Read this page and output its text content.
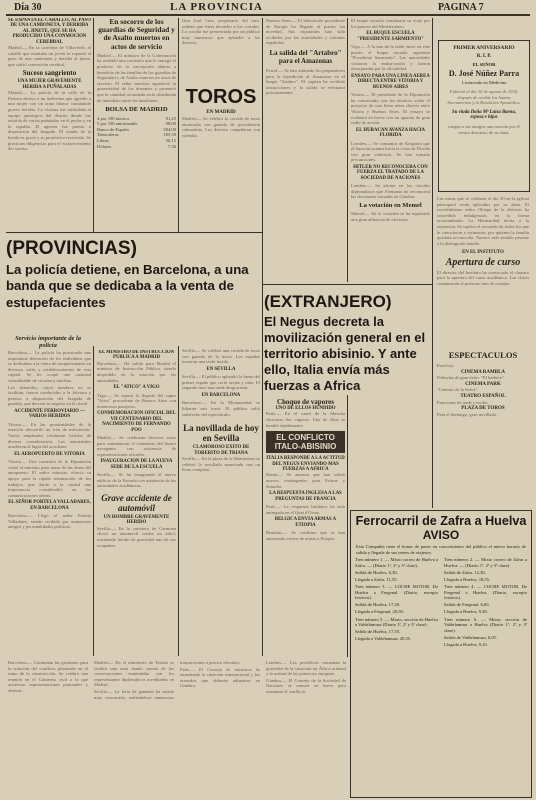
Día 30	LA PROVINCIA	PAGINA 7
SE ESPANTA EL CABALLO, AL PASO DE UNA CAMIONETA, Y DERRIBA AL JINETE, QUE SE HA PRODUCIDO UNA CONMOCION CEREBRAL

Madrid.— En la carretera de Villaverde, el caballo que montaba un joven se espantó al paso de una camioneta y derribó al jinete, que sufrió conmoción cerebral.

Suceso sangriento
UNA MUJER GRAVEMENTE HERIDA A PUÑALADAS

Madrid.— La policía de la calle de la Paloma detuvo a un individuo que agredió a una mujer con un arma blanca causándole graves heridas. La víctima fue trasladada al equipo quirúrgico del distrito donde fue asistida de varias puñaladas en el pecho y en la espalda. El agresor fue puesto a disposición del Juzgado. El estado de la herida es grave y su pronóstico reservado. Se practican diligencias para el esclarecimiento del suceso.

En socorro de los guardias de Seguridad y de Asalto muertos en actos de servicio

Madrid.— El ministro de la Gobernación ha recibido una comisión que le entregó el producto de la suscripción abierta a beneficio de las familias de los guardias de Seguridad y de Asalto muertos en actos de servicio. El señor ministro agradeció la generosidad de los donantes y prometió que la cantidad recaudada sería distribuida de inmediato entre los familiares.

BOLSA DE MADRID
4 por 100 interior	81,25
5 por 100 amortizable	98,00
Banco de España	584,00
Tabacaleras	185,50
Libras	36,15
Dólares	7,36

Don José Luis, propietario del toro, ordenó que fuera devuelto a los corrales. La corrida fue presenciada por un público muy numeroso que aplaudió a los diestros.

TOROS
EN MADRID

Madrid.— Se celebró la corrida de toros anunciada con ganado de procedencia salmantina. Los diestros cumplieron con valentía.

Buenos Aires.— El hidroavión procedente de Europa ha llegado al puerto sin novedad. Sus tripulantes han sido recibidos por las autoridades y colonias españolas.

La salida del "Artabro" para el Amazonas

Ferrol.— Se han ultimado los preparativos para la expedición al Amazonas en el buque "Artabro". El capitán ha recibido instrucciones y la salida se efectuará próximamente.

El buque escuela continuará su viaje por los puertos del Mediterráneo.

EL BUQUE ESCUELA "PRESIDENTE SARMIENTO"

Vigo.— A la una de la tarde entró en este puerto el buque escuela argentino "Presidente Sarmiento". Las autoridades visitaron la embarcación y fueron obsequiadas por la oficialidad.

ENSAYO PARA UNA LINEA AEREA DIRECTA ENTRE VITORIA Y BUENOS AIRES

Vitoria.— El presidente de la Diputación ha conversado con los técnicos sobre el proyecto de una línea aérea directa entre Vitoria y Buenos Aires. El ensayo se realizará en breve con un aparato de gran radio de acción.

EL HURACAN AVANZA HACIA FLORIDA

Londres.— Se comunica de Kingston que el huracán avanza hacia la costa de Florida con gran violencia. Se han tomado precauciones.

HITLER NO RECONOCERA CON FUERZA EL TRATADO DE LA SOCIEDAD DE NACIONES

Londres.— Se afirma en los círculos diplomáticos que Alemania no reconocerá las decisiones tomadas en Ginebra.

La votación en Memel

Memel.— En la votación se ha registrado una gran afluencia de electores.

PRIMER ANIVERSARIO
R. I. P.
EL SEÑOR
D. José Núñez Parra
Licenciado en Medicina
Falleció el día 30 de agosto de 1934, después de recibir los Santos Sacramentos y la Bendición Apostólica.
Su viuda Doña Mª Luisa Baena, esposa e hijos
ruegan a sus amigos una oración por el eterno descanso de su alma.

Las misas que se celebren el día 30 en la iglesia parroquial serán aplicadas por su alma. El excelentísimo señor Obispo de la diócesis ha concedido indulgencias en la forma acostumbrada. La Hermandad invita a la asistencia. Se suplica el recuerdo de todos los que le conocieron y estimaron, por quienes la familia quedará reconocida. Nuestro más sentido pésame a la distinguida familia.

EN EL INSTITUTO
Apertura de curso

El director del Instituto ha convocado al claustro para la apertura del curso académico. Las clases comenzarán el próximo mes de octubre.

ESPECTACULOS

Para hoy:

CINEMA RAMBLA

Películas de gran éxito. "El barbero".

CINEMA PARK

"Cuentos de la Selva".

TEATRO ESPAÑOL

Funciones de tarde y noche.

PLAZA DE TOROS

Para el domingo, gran novillada.

(PROVINCIAS)
La policía detiene, en Barcelona, a una banda que se dedicaba a la venta de estupefacientes
Servicio importante de la policía
(EXTRANJERO)
El Negus decreta la movilización general en el territorio abisinio. Y ante ello, Italia envía más fuerzas a Africa

Barcelona.— La policía ha practicado una importante detención de los individuos que se dedicaban a la venta de estupefacientes en diversos cafés y establecimientos de esta capital. Se les ocupó una cantidad considerable de cocaína y morfina.

Los detenidos, cuyos nombres no se facilitan, fueron conducidos a la Jefatura y puestos a disposición del Juzgado de guardia, que decretó su ingreso en la cárcel.

ACCIDENTE FERROVIARIO — VARIOS HERIDOS

Vitoria.— En las proximidades de la estación descarriló un tren de mercancías. Varios empleados resultaron heridos de diversa consideración. Las autoridades acudieron al lugar del accidente.

EL AEROPUERTO DE VITORIA

Vitoria.— Una comisión de la Diputación visitó al ministro para tratar de las obras del aeropuerto. El señor ministro ofreció su apoyo para la rápida terminación de los trabajos, que darán a la ciudad una importancia considerable en las comunicaciones aéreas.

EL SEÑOR PORTELA VALLADARES, EN BARCELONA

Barcelona.— Llegó el señor Portela Valladares, siendo recibido por numerosos amigos y personalidades políticas.

EL MINISTRO DE INSTRUCCION PUBLICA A MADRID

Barcelona.— Ha salido para Madrid el ministro de Instrucción Pública, siendo despedido en la estación por las autoridades.

EL "ATICO" A VIGO

Vigo.— Se espera la llegada del vapor "Atico" procedente de Buenos Aires con numerosos pasajeros.

CONMEMORACION OFICIAL DEL VII CENTENARIO DEL NACIMIENTO DE FERNANDO POO

Madrid.— Se celebrarán diversos actos para conmemorar el centenario del ilustre navegante, con asistencia de representaciones oficiales.

INAUGURACION DE LA NUEVA SEDE DE LA ESCUELA

Sevilla.— Se ha inaugurado el nuevo edificio de la Escuela con asistencia de las autoridades académicas.

Grave accidente de automóvil
UN HOMBRE GRAVEMENTE HERIDO

Sevilla.— En la carretera de Carmona chocó un automóvil contra un árbol, resultando herido de gravedad uno de sus ocupantes.

Sevilla.— Se celebró una corrida de toros con ganado de la tierra. Los espadas tuvieron una tarde lucida.

EN SEVILLA

Sevilla.— El público aplaudió la faena del primer espada que cortó orejas y rabo. El segundo tuvo una tarde desgraciada.

EN BARCELONA

Barcelona.— En la Monumental se lidiaron seis toros. El público salió satisfecho del espectáculo.

La novillada de hoy en Sevilla
CLAMOROSO EXITO DE TORERITO DE TRIANA

Sevilla.— En la plaza de la Maestranza se celebró la novillada anunciada con un lleno completo.

Choque de vapores
UNO DE ELLOS HUNDIDO

París.— En el canal de la Mancha chocaron dos vapores. Uno de ellos se hundió rápidamente.

EL CONFLICTO ITALO-ABISINIO
ITALIA RESPONDE A LA ACTITUD DEL NEGUS ENVIANDO MAS FUERZAS A AFRICA

Roma.— Se anuncia que han salido nuevos contingentes para Eritrea y Somalia.

LA RESPUESTA INGLESA A LAS PREGUNTAS DE FRANCIA

París.— La respuesta británica ha sido entregada en el Quai d'Orsay.

BELGICA ENVIA ARMAS A ETIOPIA

Bruselas.— Se confirma que se han autorizado envíos de armas a Etiopía.

Ferrocarril de Zafra a Huelva
AVISO
Esta Compañía tiene el honor de poner en conocimiento del público el nuevo horario de salida y llegada de sus trenes de viajeros:

Tren número 1. — Mixto correo de Huelva a Zafra. — (Diario 1ª, 2ª y 3ª clase).

Salida de Huelva, 6,30.

Llegada a Zafra, 11,55.

Tren número 3. — COCHE MOTOR. De Huelva a Fregenal. (Diario, excepto festivos).

Salida de Huelva, 17,30.

Llegada a Fregenal, 20,50.

Tren número 5. — Mixto, sección de Huelva a Valdelamusa (Diario 1ª, 2ª y 3ª clase).

Salida de Huelva, 17,55.

Llegada a Valdelamusa, 20,55.

Tren número 2. — Mixto correo de Zafra a Huelva. — (Diario 1ª, 2ª y 3ª clase).

Salida de Zafra, 12,30.

Llegada a Huelva, 18,55.

Tren número 4. — COCHE MOTOR. De Fregenal a Huelva. (Diario, excepto festivos).

Salida de Fregenal, 6,00.

Llegada a Huelva, 9,30.

Tren número 6. — Mixto, sección de Valdelamusa a Huelva (Diario 1ª, 2ª y 3ª clase).

Salida de Valdelamusa, 6,05.

Llegada a Huelva, 9,10.

Barcelona.— Continúan las gestiones para la solución del conflicto planteado en el ramo de la construcción. Se celebró una reunión en el Gobierno civil a la que asistieron representaciones patronales y obreras.

Madrid.— En el ministerio de Estado se facilitó una nota dando cuenta de las conversaciones mantenidas con los representantes diplomáticos acreditados en Madrid.

Sevilla.— La feria de ganados ha estado muy concurrida, realizándose numerosas transacciones a precios elevados.

París.— El Consejo de ministros ha examinado la situación internacional y los acuerdos que deberán adoptarse en Ginebra.

Londres.— Los periódicos comentan la gravedad de la situación en África oriental y la actitud de las potencias europeas.

Ginebra.— El Consejo de la Sociedad de Naciones se reunirá en breve para examinar el conflicto.
